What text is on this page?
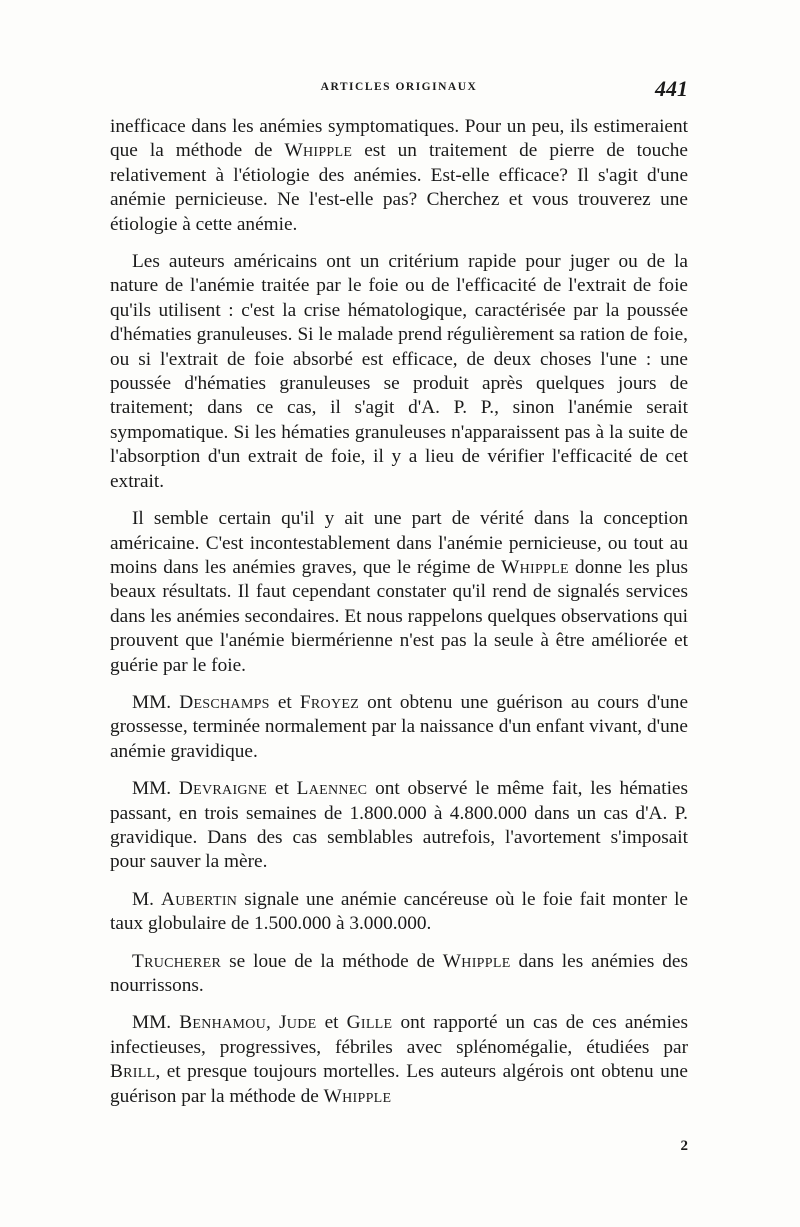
ARTICLES ORIGINAUX	441

inefficace dans les anémies symptomatiques. Pour un peu, ils estimeraient que la méthode de Whipple est un traitement de pierre de touche relativement à l'étiologie des anémies. Est-elle efficace? Il s'agit d'une anémie pernicieuse. Ne l'est-elle pas? Cherchez et vous trouverez une étiologie à cette anémie.

Les auteurs américains ont un critérium rapide pour juger ou de la nature de l'anémie traitée par le foie ou de l'efficacité de l'extrait de foie qu'ils utilisent : c'est la crise hématologique, caractérisée par la poussée d'hématies granuleuses. Si le malade prend régulièrement sa ration de foie, ou si l'extrait de foie absorbé est efficace, de deux choses l'une : une poussée d'hématies granuleuses se produit après quelques jours de traitement; dans ce cas, il s'agit d'A. P. P., sinon l'anémie serait sympomatique. Si les hématies granuleuses n'apparaissent pas à la suite de l'absorption d'un extrait de foie, il y a lieu de vérifier l'efficacité de cet extrait.

Il semble certain qu'il y ait une part de vérité dans la conception américaine. C'est incontestablement dans l'anémie pernicieuse, ou tout au moins dans les anémies graves, que le régime de Whipple donne les plus beaux résultats. Il faut cependant constater qu'il rend de signalés services dans les anémies secondaires. Et nous rappelons quelques observations qui prouvent que l'anémie biermérienne n'est pas la seule à être améliorée et guérie par le foie.

MM. Deschamps et Froyez ont obtenu une guérison au cours d'une grossesse, terminée normalement par la naissance d'un enfant vivant, d'une anémie gravidique.

MM. Devraigne et Laennec ont observé le même fait, les hématies passant, en trois semaines de 1.800.000 à 4.800.000 dans un cas d'A. P. gravidique. Dans des cas semblables autrefois, l'avortement s'imposait pour sauver la mère.

M. Aubertin signale une anémie cancéreuse où le foie fait monter le taux globulaire de 1.500.000 à 3.000.000.

Trucherer se loue de la méthode de Whipple dans les anémies des nourrissons.

MM. Benhamou, Jude et Gille ont rapporté un cas de ces anémies infectieuses, progressives, fébriles avec splénomégalie, étudiées par Brill, et presque toujours mortelles. Les auteurs algérois ont obtenu une guérison par la méthode de Whipple

2
